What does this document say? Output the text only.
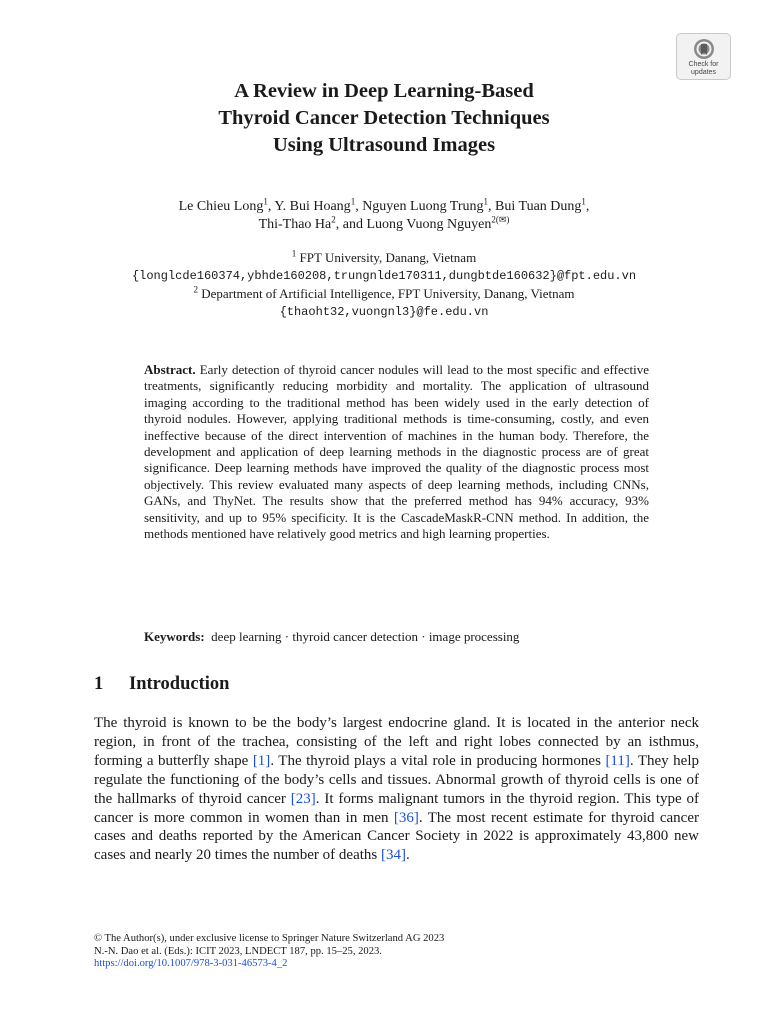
Check for
updates
A Review in Deep Learning-Based
Thyroid Cancer Detection Techniques
Using Ultrasound Images
Le Chieu Long$^1$, Y. Bui Hoang$^1$, Nguyen Luong Trung$^1$, Bui Tuan Dung$^1$,
Thi-Thao Ha$^2$, and Luong Vuong Nguyen$^{2(✉)}$
$^1$ FPT University, Danang, Vietnam
{longlcde160374,ybhde160208,trungnlde170311,dungbtde160632}@fpt.edu.vn
$^2$ Department of Artificial Intelligence, FPT University, Danang, Vietnam
{thaoht32,vuongnl3}@fe.edu.vn
Abstract. Early detection of thyroid cancer nodules will lead to the most specific and effective treatments, significantly reducing morbidity and mortality. The application of ultrasound imaging according to the traditional method has been widely used in the early detection of thyroid nodules. However, applying traditional methods is time-consuming, costly, and even ineffective because of the direct intervention of machines in the human body. Therefore, the development and application of deep learning methods in the diagnostic process are of great significance. Deep learning methods have improved the quality of the diagnostic process most objectively. This review evaluated many aspects of deep learning methods, including CNNs, GANs, and ThyNet. The results show that the preferred method has 94% accuracy, 93% sensitivity, and up to 95% specificity. It is the CascadeMaskR-CNN method. In addition, the methods mentioned have relatively good metrics and high learning properties.
Keywords: deep learning · thyroid cancer detection · image processing
1 Introduction
The thyroid is known to be the body’s largest endocrine gland. It is located in the anterior neck region, in front of the trachea, consisting of the left and right lobes connected by an isthmus, forming a butterfly shape [1]. The thyroid plays a vital role in producing hormones [11]. They help regulate the functioning of the body’s cells and tissues. Abnormal growth of thyroid cells is one of the hallmarks of thyroid cancer [23]. It forms malignant tumors in the thyroid region. This type of cancer is more common in women than in men [36]. The most recent estimate for thyroid cancer cases and deaths reported by the American Cancer Society in 2022 is approximately 43,800 new cases and nearly 20 times the number of deaths [34].
© The Author(s), under exclusive license to Springer Nature Switzerland AG 2023
N.-N. Dao et al. (Eds.): ICIT 2023, LNDECT 187, pp. 15–25, 2023.
https://doi.org/10.1007/978-3-031-46573-4_2
